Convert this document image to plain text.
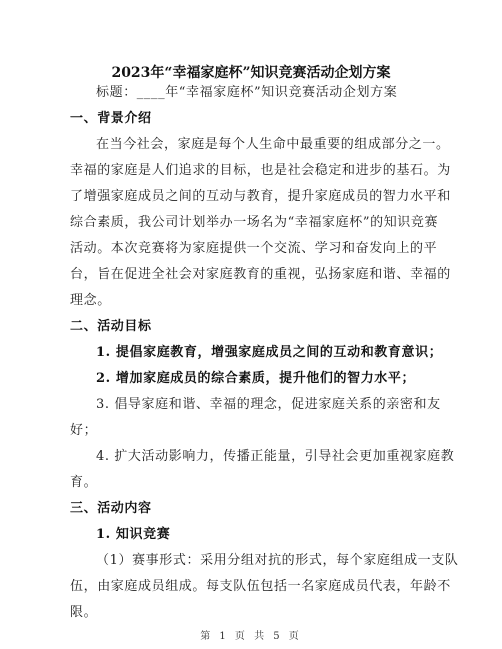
2023年“幸福家庭杯”知识竞赛活动企划方案
标题：____年“幸福家庭杯”知识竞赛活动企划方案
一、背景介绍
在当今社会，家庭是每个人生命中最重要的组成部分之一。
幸福的家庭是人们追求的目标，也是社会稳定和进步的基石。为
了增强家庭成员之间的互动与教育，提升家庭成员的智力水平和
综合素质，我公司计划举办一场名为“幸福家庭杯”的知识竞赛
活动。本次竞赛将为家庭提供一个交流、学习和奋发向上的平
台，旨在促进全社会对家庭教育的重视，弘扬家庭和谐、幸福的
理念。
二、活动目标
1. 提倡家庭教育，增强家庭成员之间的互动和教育意识；
2. 增加家庭成员的综合素质，提升他们的智力水平；
3. 倡导家庭和谐、幸福的理念，促进家庭关系的亲密和友
好；
4. 扩大活动影响力，传播正能量，引导社会更加重视家庭教
育。
三、活动内容
1. 知识竞赛
（1）赛事形式：采用分组对抗的形式，每个家庭组成一支队
伍，由家庭成员组成。每支队伍包括一名家庭成员代表，年龄不
限。
第 1 页 共 5 页
